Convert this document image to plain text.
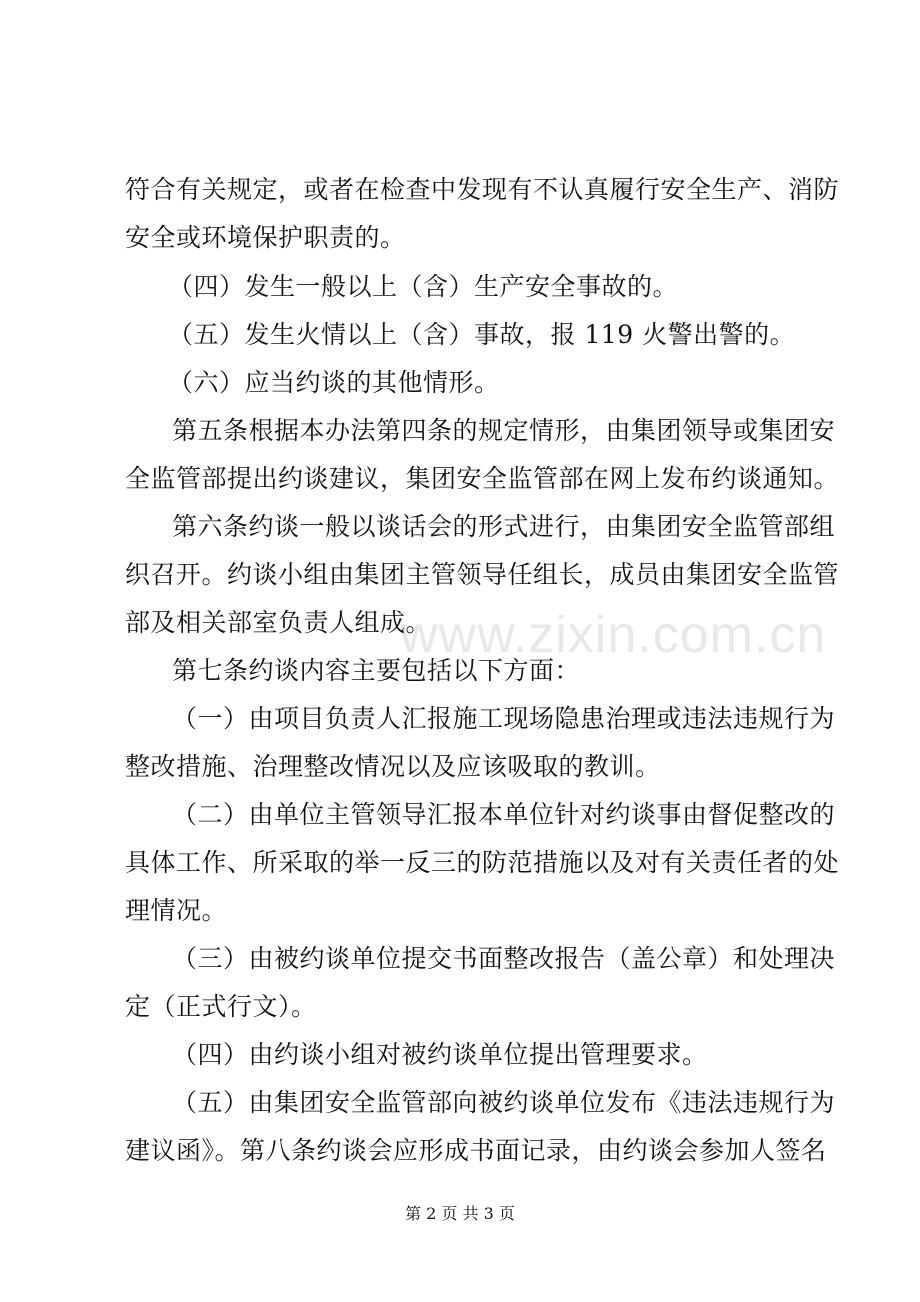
www.zixin.com.cn
符合有关规定，或者在检查中发现有不认真履行安全生产、消防
安全或环境保护职责的。
（四）发生一般以上（含）生产安全事故的。
（五）发生火情以上（含）事故，报 119 火警出警的。
（六）应当约谈的其他情形。
第五条根据本办法第四条的规定情形，由集团领导或集团安
全监管部提出约谈建议，集团安全监管部在网上发布约谈通知。
第六条约谈一般以谈话会的形式进行，由集团安全监管部组
织召开。约谈小组由集团主管领导任组长，成员由集团安全监管
部及相关部室负责人组成。
第七条约谈内容主要包括以下方面：
（一）由项目负责人汇报施工现场隐患治理或违法违规行为
整改措施、治理整改情况以及应该吸取的教训。
（二）由单位主管领导汇报本单位针对约谈事由督促整改的
具体工作、所采取的举一反三的防范措施以及对有关责任者的处
理情况。
（三）由被约谈单位提交书面整改报告（盖公章）和处理决
定（正式行文）。
（四）由约谈小组对被约谈单位提出管理要求。
（五）由集团安全监管部向被约谈单位发布《违法违规行为
建议函》。第八条约谈会应形成书面记录，由约谈会参加人签名
第 2 页 共 3 页
